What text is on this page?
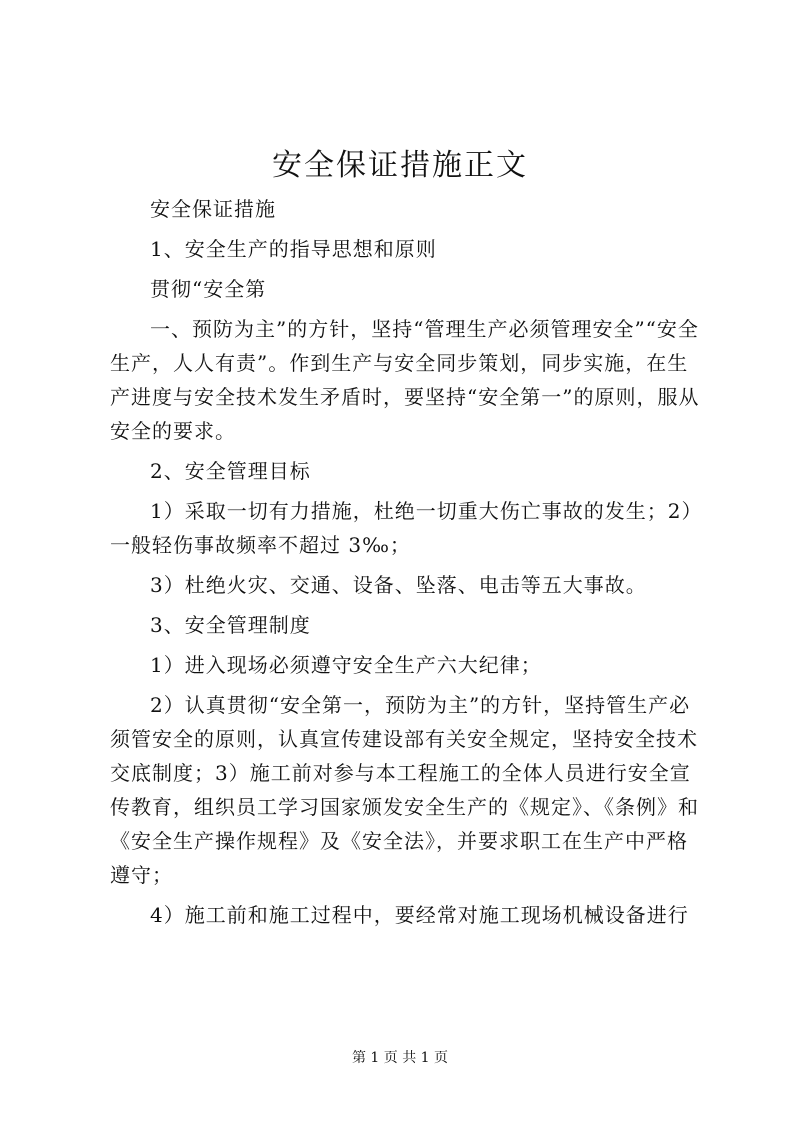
安全保证措施正文

安全保证措施

1、安全生产的指导思想和原则

贯彻“安全第

一、预防为主”的方针，坚持“管理生产必须管理安全”“安全生产，人人有责”。作到生产与安全同步策划，同步实施，在生产进度与安全技术发生矛盾时，要坚持“安全第一”的原则，服从安全的要求。

2、安全管理目标

1）采取一切有力措施，杜绝一切重大伤亡事故的发生；2）一般轻伤事故频率不超过 3‰；

3）杜绝火灾、交通、设备、坠落、电击等五大事故。

3、安全管理制度

1）进入现场必须遵守安全生产六大纪律；

2）认真贯彻“安全第一，预防为主”的方针，坚持管生产必须管安全的原则，认真宣传建设部有关安全规定，坚持安全技术交底制度；3）施工前对参与本工程施工的全体人员进行安全宣传教育，组织员工学习国家颁发安全生产的《规定》、《条例》和《安全生产操作规程》及《安全法》，并要求职工在生产中严格遵守；

4）施工前和施工过程中，要经常对施工现场机械设备进行

第 1 页 共 1 页
